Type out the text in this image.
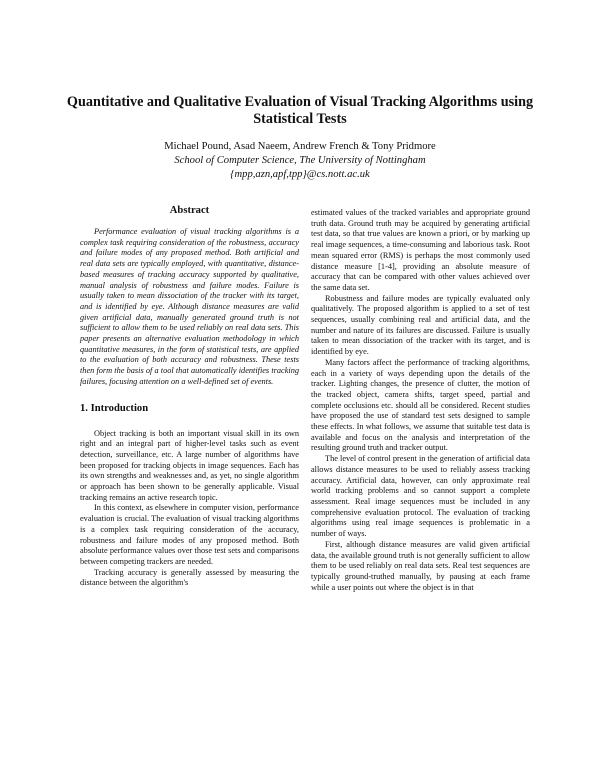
Quantitative and Qualitative Evaluation of Visual Tracking Algorithms using Statistical Tests
Michael Pound, Asad Naeem, Andrew French & Tony Pridmore
School of Computer Science, The University of Nottingham
{mpp,azn,apf,tpp}@cs.nott.ac.uk
Abstract

Performance evaluation of visual tracking algorithms is a complex task requiring consideration of the robustness, accuracy and failure modes of any proposed method. Both artificial and real data sets are typically employed, with quantitative, distance-based measures of tracking accuracy supported by qualitative, manual analysis of robustness and failure modes. Failure is usually taken to mean dissociation of the tracker with its target, and is identified by eye. Although distance measures are valid given artificial data, manually generated ground truth is not sufficient to allow them to be used reliably on real data sets. This paper presents an alternative evaluation methodology in which quantitative measures, in the form of statistical tests, are applied to the evaluation of both accuracy and robustness. These tests then form the basis of a tool that automatically identifies tracking failures, focusing attention on a well-defined set of events.

1. Introduction

Object tracking is both an important visual skill in its own right and an integral part of higher-level tasks such as event detection, surveillance, etc. A large number of algorithms have been proposed for tracking objects in image sequences. Each has its own strengths and weaknesses and, as yet, no single algorithm or approach has been shown to be generally applicable. Visual tracking remains an active research topic.

In this context, as elsewhere in computer vision, performance evaluation is crucial. The evaluation of visual tracking algorithms is a complex task requiring consideration of the accuracy, robustness and failure modes of any proposed method. Both absolute performance values over those test sets and comparisons between competing trackers are needed.

Tracking accuracy is generally assessed by measuring the distance between the algorithm's

estimated values of the tracked variables and appropriate ground truth data. Ground truth may be acquired by generating artificial test data, so that true values are known a priori, or by marking up real image sequences, a time-consuming and laborious task. Root mean squared error (RMS) is perhaps the most commonly used distance measure [1-4], providing an absolute measure of accuracy that can be compared with other values achieved over the same data set.

Robustness and failure modes are typically evaluated only qualitatively. The proposed algorithm is applied to a set of test sequences, usually combining real and artificial data, and the number and nature of its failures are discussed. Failure is usually taken to mean dissociation of the tracker with its target, and is identified by eye.

Many factors affect the performance of tracking algorithms, each in a variety of ways depending upon the details of the tracker. Lighting changes, the presence of clutter, the motion of the tracked object, camera shifts, target speed, partial and complete occlusions etc. should all be considered. Recent studies have proposed the use of standard test sets designed to sample these effects. In what follows, we assume that suitable test data is available and focus on the analysis and interpretation of the resulting ground truth and tracker output.

The level of control present in the generation of artificial data allows distance measures to be used to reliably assess tracking accuracy. Artificial data, however, can only approximate real world tracking problems and so cannot support a complete assessment. Real image sequences must be included in any comprehensive evaluation protocol. The evaluation of tracking algorithms using real image sequences is problematic in a number of ways.

First, although distance measures are valid given artificial data, the available ground truth is not generally sufficient to allow them to be used reliably on real data sets. Real test sequences are typically ground-truthed manually, by pausing at each frame while a user points out where the object is in that
